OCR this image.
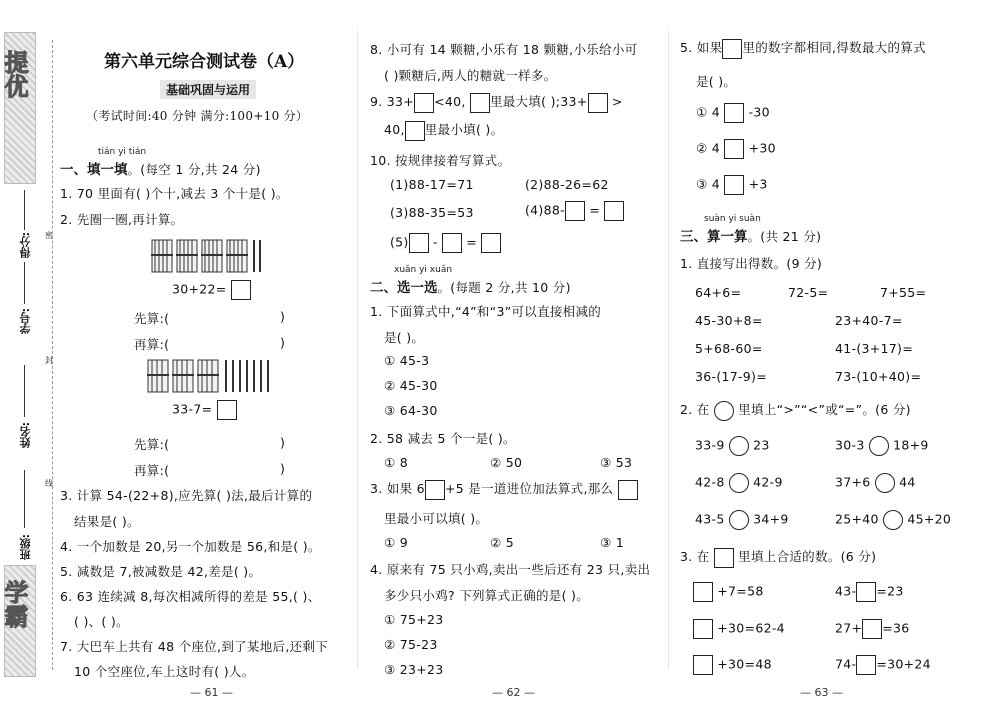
提优
学霸
得分: 密
学号:
封
姓名:
线
班级:
第六单元综合测试卷（A）
基础巩固与运用
（考试时间:40 分钟 满分:100+10 分）
tián yi tián
一、填一填。(每空 1 分,共 24 分)
1. 70 里面有( )个十,减去 3 个十是( )。
2. 先圈一圈,再计算。
30+22=
先算:(	)
再算:(	)
33-7=
先算:(	)
再算:(	)
3. 计算 54-(22+8),应先算( )法,最后计算的
结果是( )。
4. 一个加数是 20,另一个加数是 56,和是( )。
5. 减数是 7,被减数是 42,差是( )。
6. 63 连续减 8,每次相减所得的差是 55,( )、
( )、( )。
7. 大巴车上共有 48 个座位,到了某地后,还剩下
10 个空座位,车上这时有( )人。
— 61 —
8. 小可有 14 颗糖,小乐有 18 颗糖,小乐给小可
( )颗糖后,两人的糖就一样多。
9. 33+ <40, 里最大填( );33+ >
40, 里最小填( )。
10. 按规律接着写算式。
(1)88-17=71	(2)88-26=62
(3)88-35=53	(4)88- =
(5) -  =
xuǎn yi xuǎn
二、选一选。(每题 2 分,共 10 分)
1. 下面算式中,“4”和“3”可以直接相减的
是( )。
① 45-3
② 45-30
③ 64-30
2. 58 减去 5 个一是( )。
① 8	② 50	③ 53
3. 如果 6 +5 是一道进位加法算式,那么
里最小可以填( )。
① 9	② 5	③ 1
4. 原来有 75 只小鸡,卖出一些后还有 23 只,卖出
多少只小鸡? 下列算式正确的是( )。
① 75+23
② 75-23
③ 23+23
— 62 —
5. 如果 里的数字都相同,得数最大的算式
是( )。
① 4 -30
② 4 +30
③ 4 +3
suàn yi suàn
三、算一算。(共 21 分)
1. 直接写出得数。(9 分)
64+6=	72-5=	7+55=
45-30+8=	23+40-7=
5+68-60=	41-(3+17)=
36-(17-9)=	73-(10+40)=
2. 在 里填上“>”“<”或“=”。(6 分)
33-9 23	30-3 18+9
42-8 42-9	37+6 44
43-5 34+9	25+40 45+20
3. 在 里填上合适的数。(6 分)
+7=58	43- =23
+30=62-4	27+ =36
+30=48	74- =30+24
— 63 —
